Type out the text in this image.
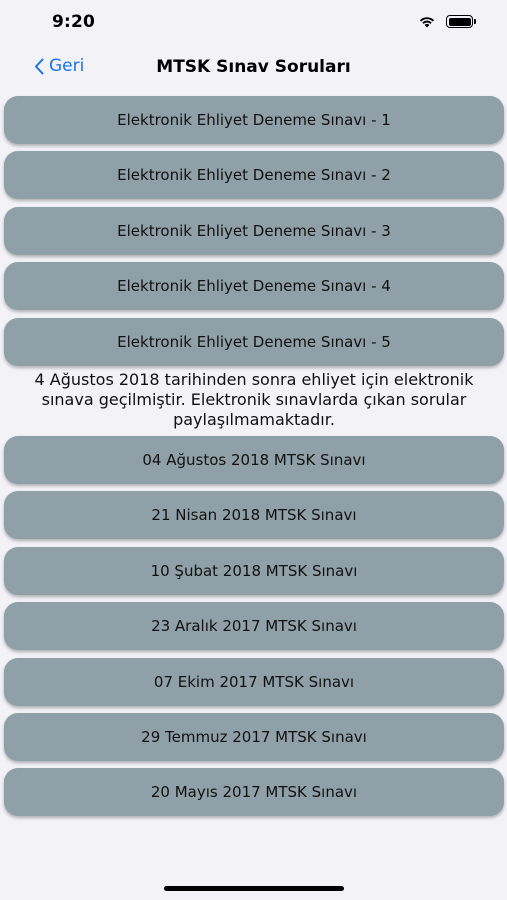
9:20
Geri	MTSK Sınav Soruları
Elektronik Ehliyet Deneme Sınavı - 1
Elektronik Ehliyet Deneme Sınavı - 2
Elektronik Ehliyet Deneme Sınavı - 3
Elektronik Ehliyet Deneme Sınavı - 4
Elektronik Ehliyet Deneme Sınavı - 5
4 Ağustos 2018 tarihinden sonra ehliyet için elektronik sınava geçilmiştir. Elektronik sınavlarda çıkan sorular paylaşılmamaktadır.
04 Ağustos 2018 MTSK Sınavı
21 Nisan 2018 MTSK Sınavı
10 Şubat 2018 MTSK Sınavı
23 Aralık 2017 MTSK Sınavı
07 Ekim 2017 MTSK Sınavı
29 Temmuz 2017 MTSK Sınavı
20 Mayıs 2017 MTSK Sınavı
